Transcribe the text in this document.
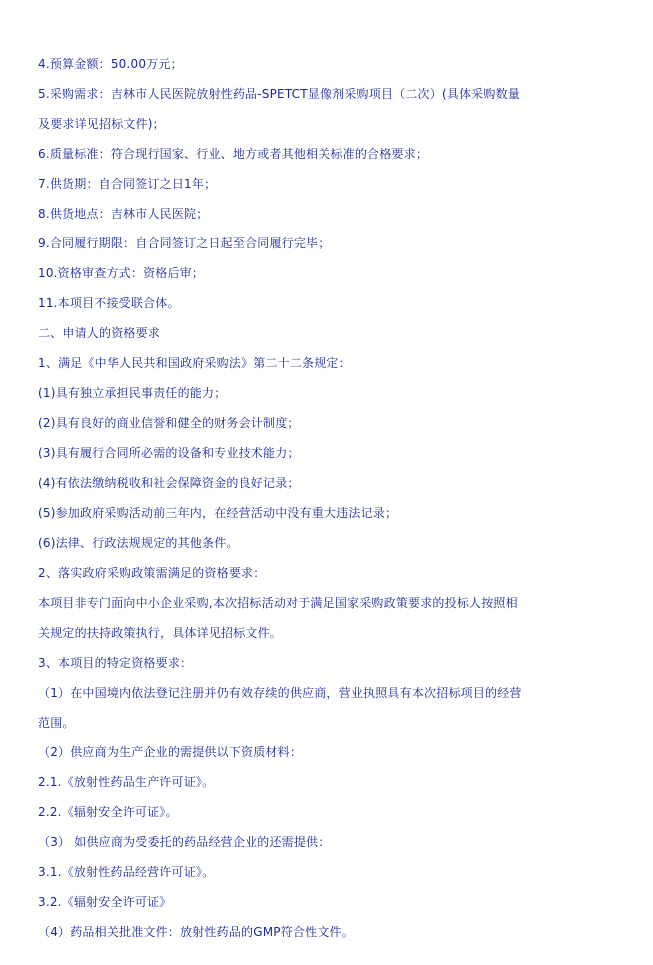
4.预算金额：50.00万元；
5.采购需求：吉林市人民医院放射性药品-SPETCT显像剂采购项目（二次）(具体采购数量
及要求详见招标文件)；
6.质量标准：符合现行国家、行业、地方或者其他相关标准的合格要求；
7.供货期：自合同签订之日1年；
8.供货地点：吉林市人民医院；
9.合同履行期限：自合同签订之日起至合同履行完毕；
10.资格审查方式：资格后审；
11.本项目不接受联合体。
二、申请人的资格要求
1、满足《中华人民共和国政府采购法》第二十二条规定：
(1)具有独立承担民事责任的能力；
(2)具有良好的商业信誉和健全的财务会计制度；
(3)具有履行合同所必需的设备和专业技术能力；
(4)有依法缴纳税收和社会保障资金的良好记录；
(5)参加政府采购活动前三年内，在经营活动中没有重大违法记录；
(6)法律、行政法规规定的其他条件。
2、落实政府采购政策需满足的资格要求：
本项目非专门面向中小企业采购,本次招标活动对于满足国家采购政策要求的投标人按照相
关规定的扶持政策执行，具体详见招标文件。
3、本项目的特定资格要求：
（1）在中国境内依法登记注册并仍有效存续的供应商，营业执照具有本次招标项目的经营
范围。
（2）供应商为生产企业的需提供以下资质材料：
2.1.《放射性药品生产许可证》。
2.2.《辐射安全许可证》。
（3） 如供应商为受委托的药品经营企业的还需提供：
3.1.《放射性药品经营许可证》。
3.2.《辐射安全许可证》
（4）药品相关批准文件：放射性药品的GMP符合性文件。
